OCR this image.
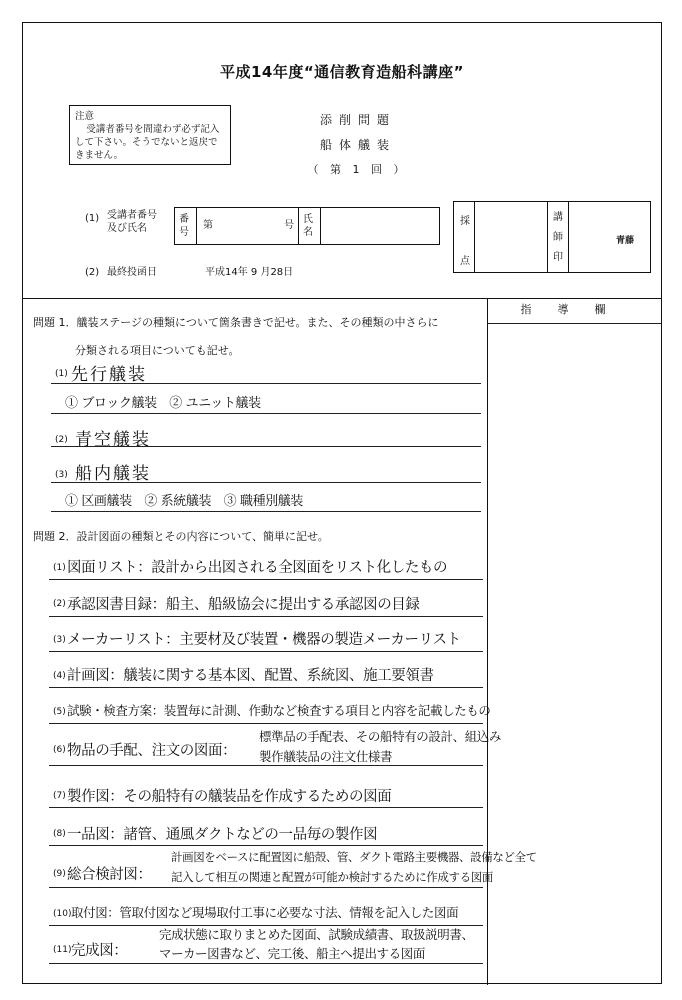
平成14年度“通信教育造船科講座”
注意
受講者番号を間違わず必ず記入して下さい。そうでないと返戻できません。
添削問題
船体艤装
（ 第 1 回 ）
(1) 受講者番号
及び氏名
番号
第	号
氏名
(2) 最終投函日	平成14年 9 月28日
採
点
講師印
青藤
指導欄
問題 1．艤装ステージの種類について箇条書きで記せ。また、その種類の中さらに
分類される項目についても記せ。
(1) 先行艤装
① ブロック艤装　② ユニット艤装
(2) 青空艤装
(3) 船内艤装
① 区画艤装　② 系統艤装　③ 職種別艤装
問題 2．設計図面の種類とその内容について、簡単に記せ。
(1) 図面リスト：設計から出図される全図面をリスト化したもの
(2) 承認図書目録：船主、船級協会に提出する承認図の目録
(3) メーカーリスト：主要材及び装置・機器の製造メーカーリスト
(4) 計画図：艤装に関する基本図、配置、系統図、施工要領書
(5) 試験・検査方案：装置毎に計測、作動など検査する項目と内容を記載したもの
(6) 物品の手配、注文の図面：
標準品の手配表、その船特有の設計、組込み
製作艤装品の注文仕様書
(7) 製作図：その船特有の艤装品を作成するための図面
(8) 一品図：諸管、通風ダクトなどの一品毎の製作図
(9) 総合検討図：
計画図をベースに配置図に船殻、管、ダクト電路主要機器、設備など全て
記入して相互の関連と配置が可能か検討するために作成する図面
(10) 取付図：管取付図など現場取付工事に必要な寸法、情報を記入した図面
(11) 完成図：
完成状態に取りまとめた図面、試験成績書、取扱説明書、
マーカー図書など、完工後、船主へ提出する図面
